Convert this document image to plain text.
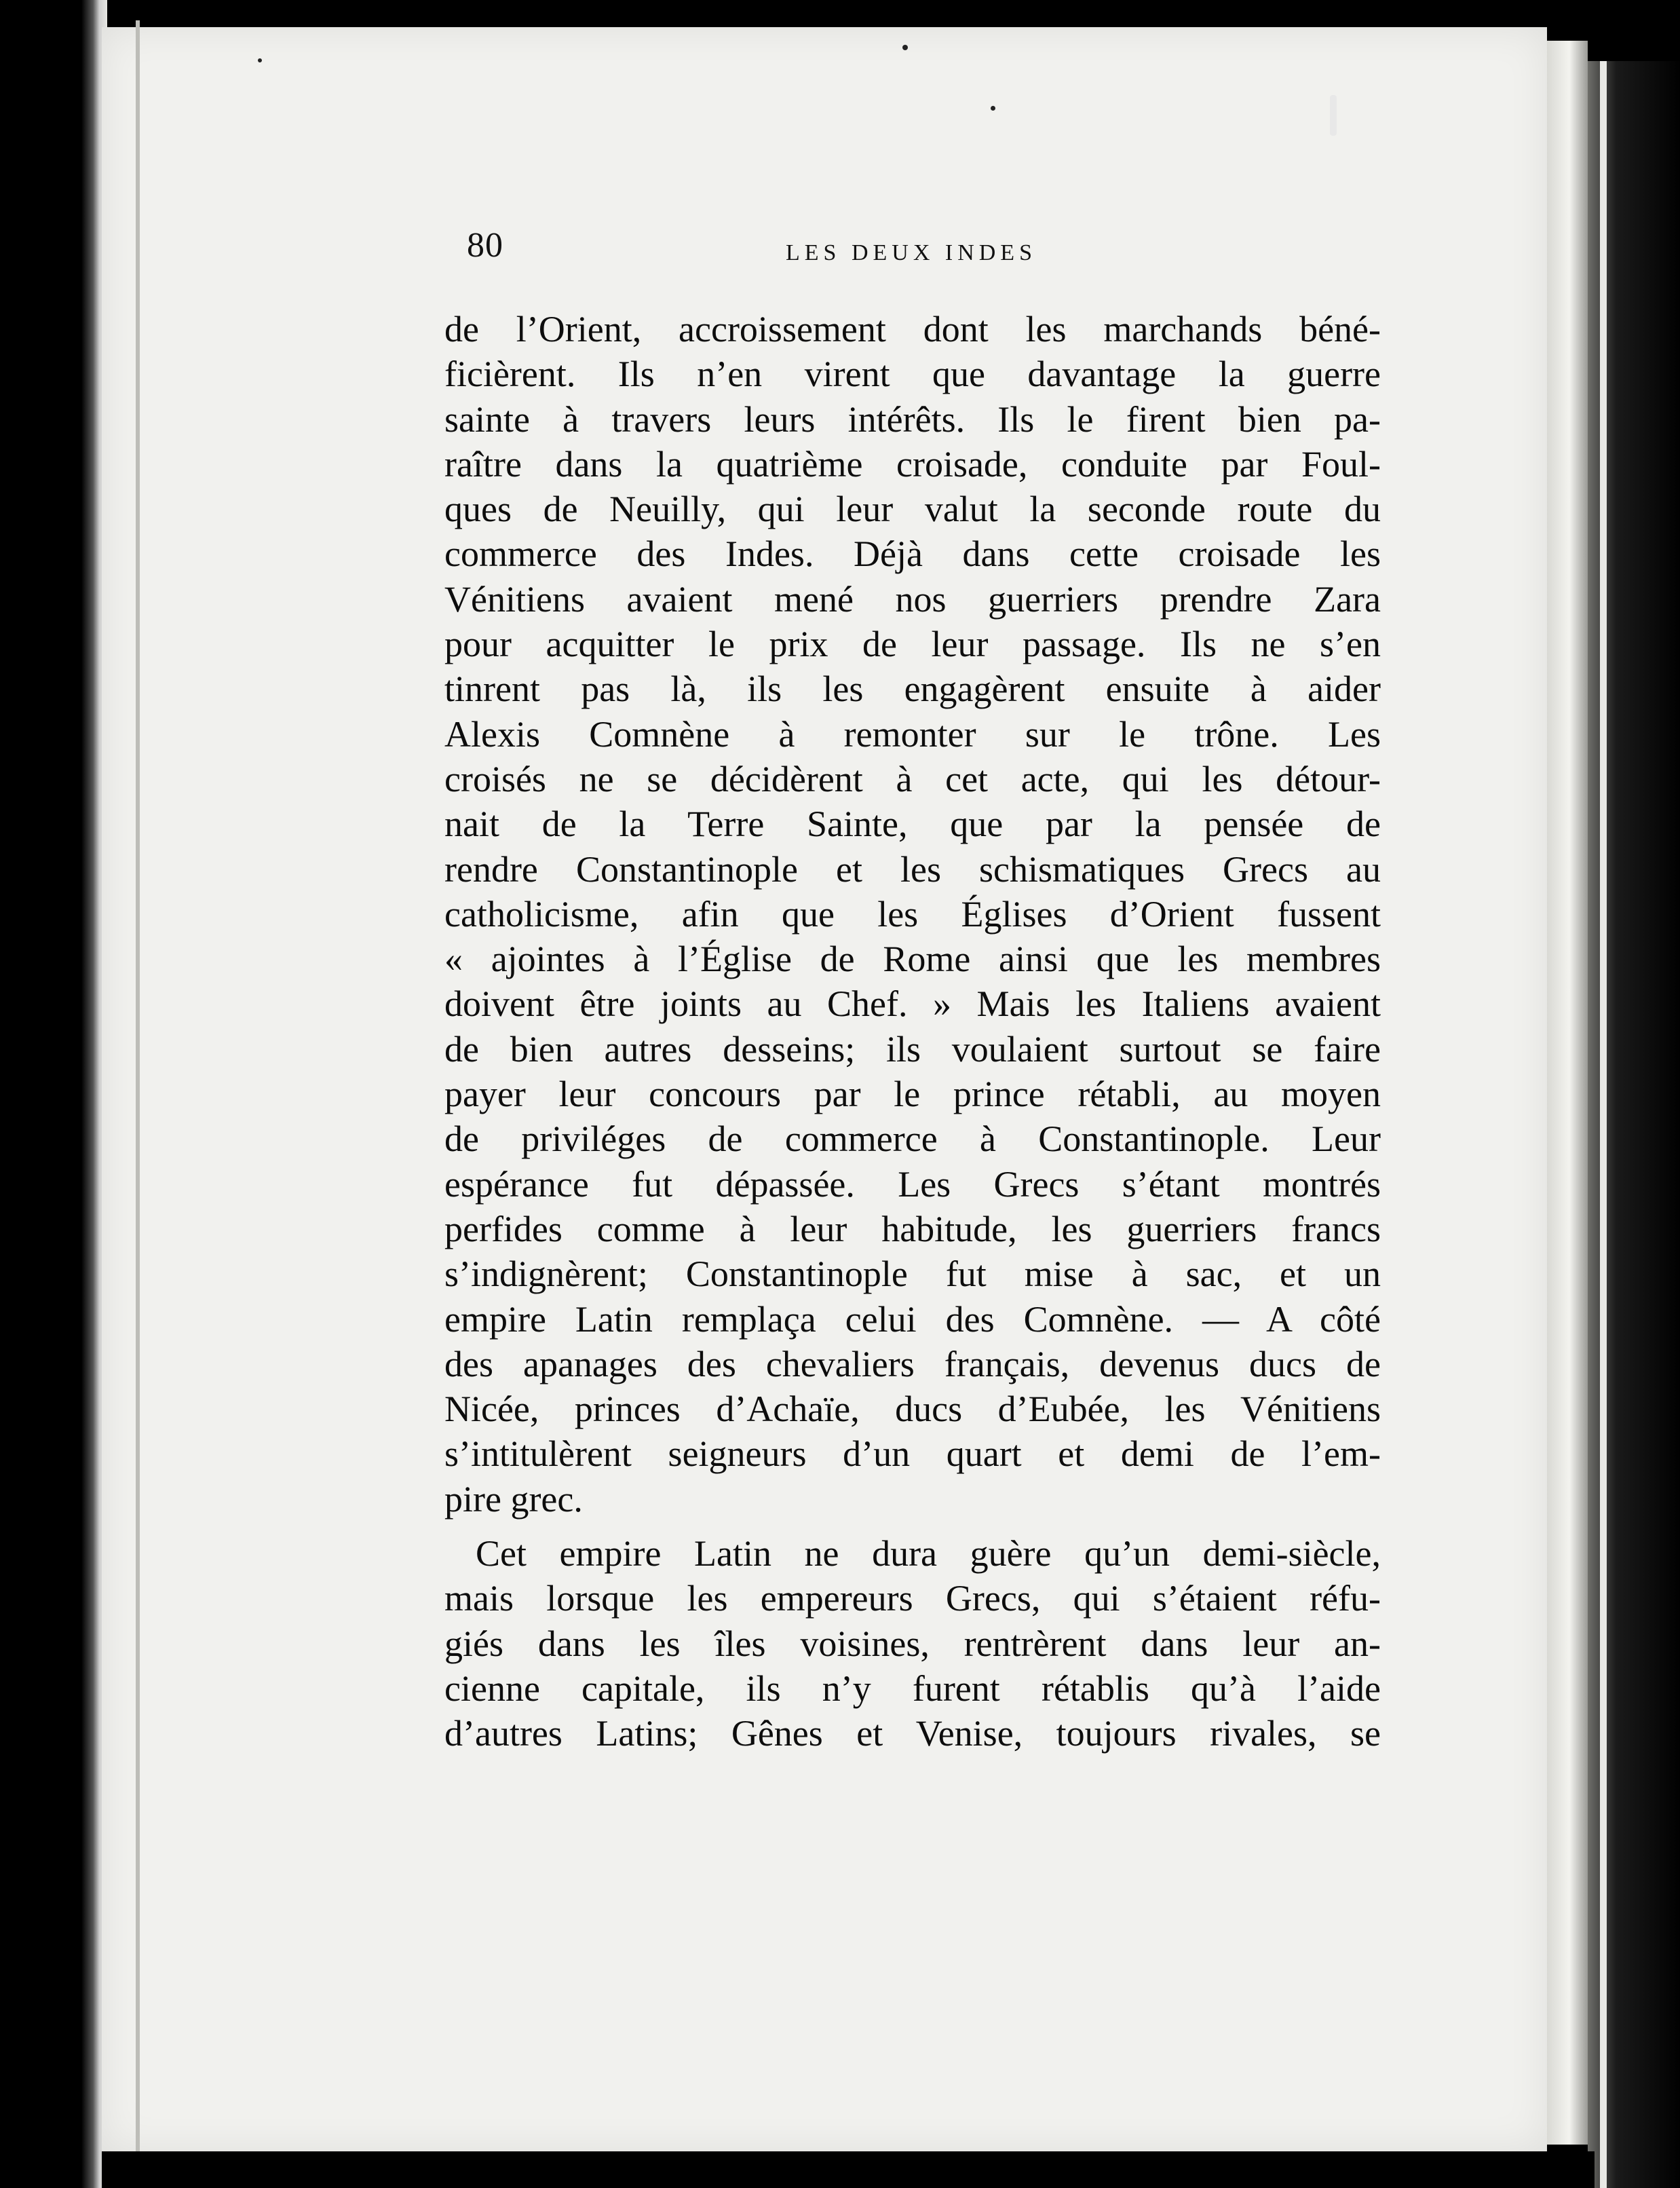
80	LES DEUX INDES
de l’Orient, accroissement dont les marchands béné-
ficièrent. Ils n’en virent que davantage la guerre
sainte à travers leurs intérêts. Ils le firent bien pa-
raître dans la quatrième croisade, conduite par Foul-
ques de Neuilly, qui leur valut la seconde route du
commerce des Indes. Déjà dans cette croisade les
Vénitiens avaient mené nos guerriers prendre Zara
pour acquitter le prix de leur passage. Ils ne s’en
tinrent pas là, ils les engagèrent ensuite à aider
Alexis Comnène à remonter sur le trône. Les
croisés ne se décidèrent à cet acte, qui les détour-
nait de la Terre Sainte, que par la pensée de
rendre Constantinople et les schismatiques Grecs au
catholicisme, afin que les Églises d’Orient fussent
« ajointes à l’Église de Rome ainsi que les membres
doivent être joints au Chef. » Mais les Italiens avaient
de bien autres desseins; ils voulaient surtout se faire
payer leur concours par le prince rétabli, au moyen
de priviléges de commerce à Constantinople. Leur
espérance fut dépassée. Les Grecs s’étant montrés
perfides comme à leur habitude, les guerriers francs
s’indignèrent; Constantinople fut mise à sac, et un
empire Latin remplaça celui des Comnène. — A côté
des apanages des chevaliers français, devenus ducs de
Nicée, princes d’Achaïe, ducs d’Eubée, les Vénitiens
s’intitulèrent seigneurs d’un quart et demi de l’em-
pire grec.
Cet empire Latin ne dura guère qu’un demi-siècle,
mais lorsque les empereurs Grecs, qui s’étaient réfu-
giés dans les îles voisines, rentrèrent dans leur an-
cienne capitale, ils n’y furent rétablis qu’à l’aide
d’autres Latins; Gênes et Venise, toujours rivales, se
